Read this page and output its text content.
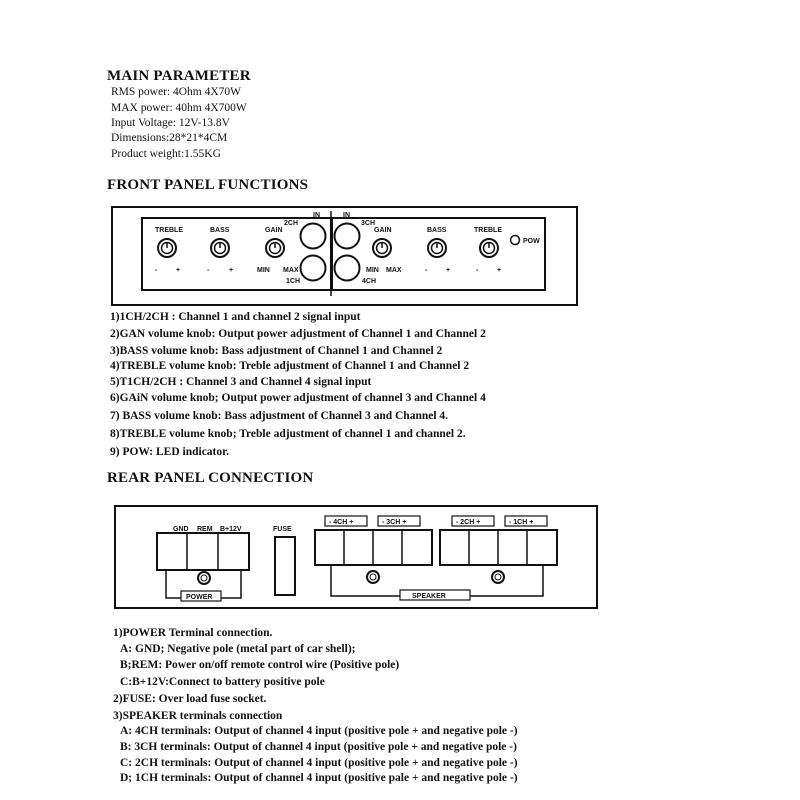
MAIN PARAMETER
RMS power: 4Ohm 4X70W
MAX power: 40hm 4X700W
Input Voltage: 12V-13.8V
Dimensions:28*21*4CM
Product weight:1.55KG
FRONT PANEL FUNCTIONS
IN	IN
TREBLE
-	+
BASS
-	+
2CH
GAIN
MIN MAX
1CH
3CH
GAIN
MIN MAX
4CH
BASS
-	+
TREBLE
-	+
POW
GND REM B+12V
POWER
FUSE
- 4CH +	- 3CH +	- 2CH +	- 1CH +
SPEAKER
1)1CH/2CH : Channel 1 and channel 2 signal input
2)GAN volume knob: Output power adjustment of Channel 1 and Channel 2
3)BASS volume knob: Bass adjustment of Channel 1 and Channel 2
4)TREBLE volume knob: Treble adjustment of Channel 1 and Channel 2
5)T1CH/2CH : Channel 3 and Channel 4 signal input
6)GAiN volume knob; Output power adjustment of channel 3 and Channel 4
7) BASS volume knob: Bass adjustment of Channel 3 and Channel 4.
8)TREBLE volume knob; Treble adjustment of channel 1 and channel 2.
9) POW: LED indicator.
REAR PANEL CONNECTION
1)POWER Terminal connection.
A: GND; Negative pole (metal part of car shell);
B;REM: Power on/off remote control wire (Positive pole)
C:B+12V:Connect to battery positive pole
2)FUSE: Over load fuse socket.
3)SPEAKER terminals connection
A: 4CH terminals: Output of channel 4 input (positive pole + and negative pole -)
B: 3CH terminals: Output of channel 4 input (positive pole + and negative pole -)
C: 2CH terminals: Output of channel 4 input (positive pole + and negative pole -)
D; 1CH terminals: Output of channel 4 input (positive pale + and negative pole -)
